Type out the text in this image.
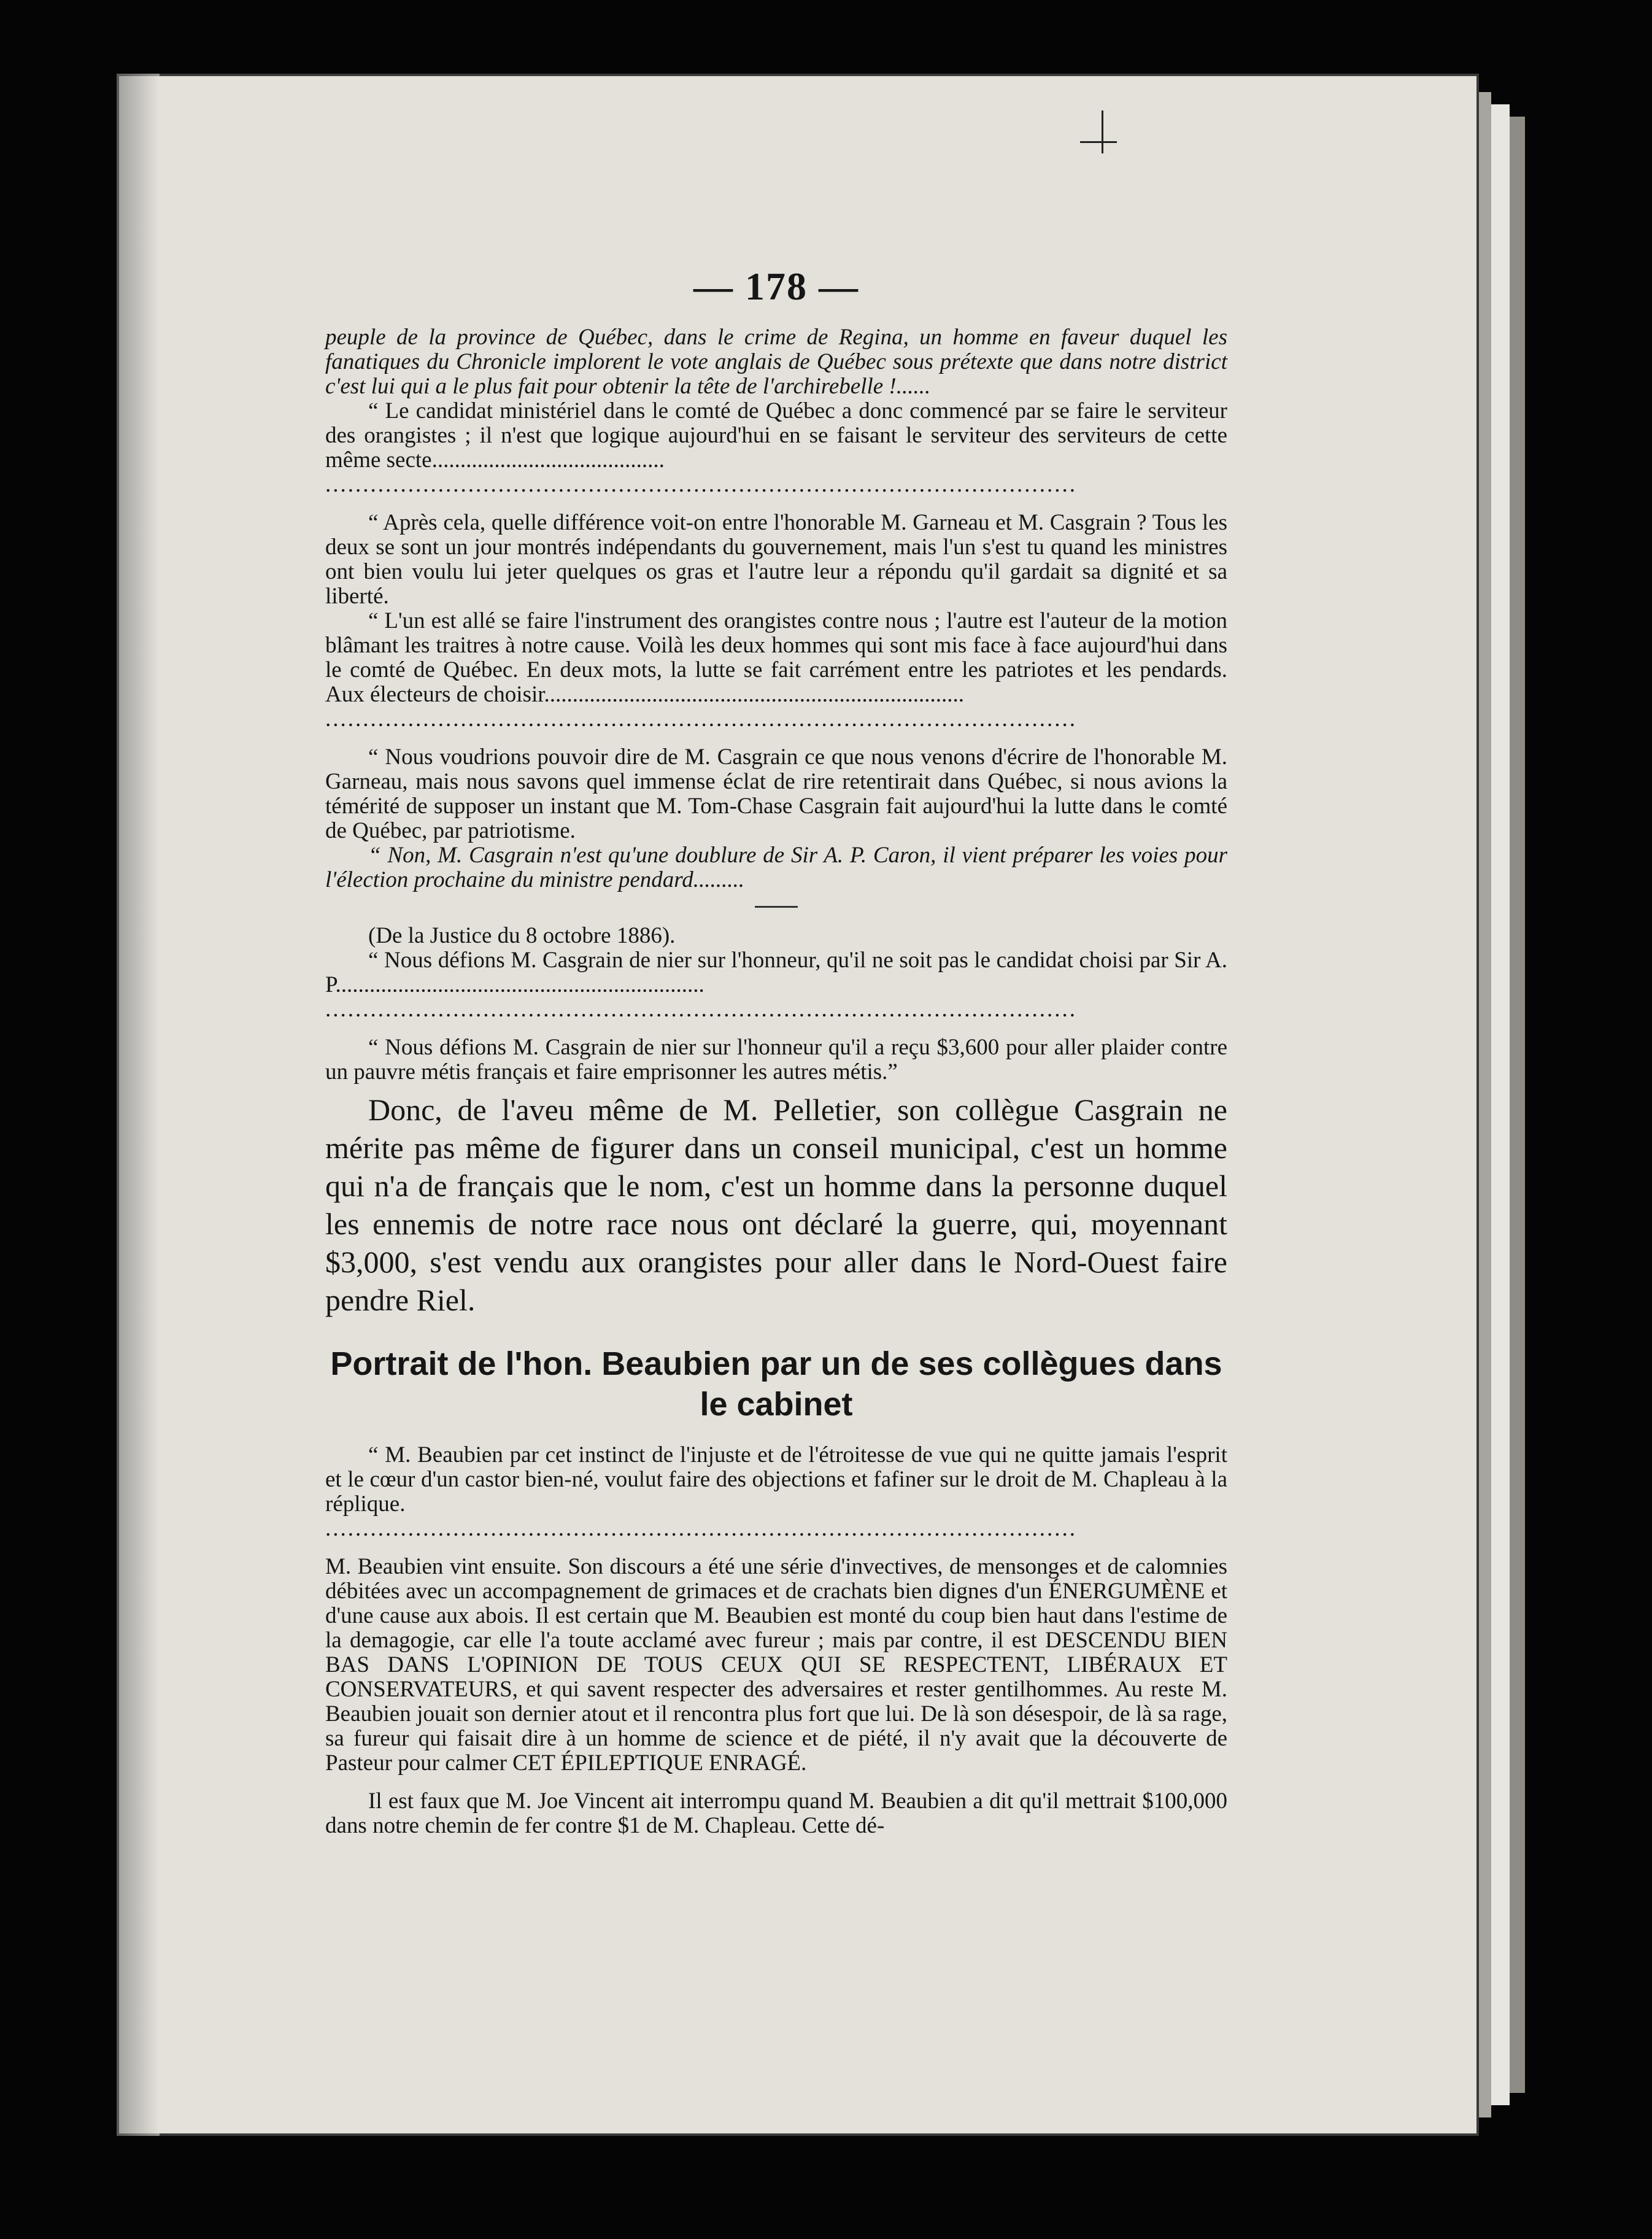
— 178 —

peuple de la province de Québec, dans le crime de Regina, un homme en faveur duquel les fanatiques du Chronicle implorent le vote anglais de Québec sous prétexte que dans notre district c'est lui qui a le plus fait pour obtenir la tête de l'archirebelle !......

“ Le candidat ministériel dans le comté de Québec a donc commencé par se faire le serviteur des orangistes ; il n'est que logique aujourd'hui en se faisant le serviteur des serviteurs de cette même secte.........................................

....................................................................................................

“ Après cela, quelle différence voit-on entre l'honorable M. Garneau et M. Casgrain ? Tous les deux se sont un jour montrés indépendants du gouvernement, mais l'un s'est tu quand les ministres ont bien voulu lui jeter quelques os gras et l'autre leur a répondu qu'il gardait sa dignité et sa liberté.

“ L'un est allé se faire l'instrument des orangistes contre nous ; l'autre est l'auteur de la motion blâmant les traitres à notre cause. Voilà les deux hommes qui sont mis face à face aujourd'hui dans le comté de Québec. En deux mots, la lutte se fait carrément entre les patriotes et les pendards. Aux électeurs de choisir..........................................................................

....................................................................................................

“ Nous voudrions pouvoir dire de M. Casgrain ce que nous venons d'écrire de l'honorable M. Garneau, mais nous savons quel immense éclat de rire retentirait dans Québec, si nous avions la témérité de supposer un instant que M. Tom-Chase Casgrain fait aujourd'hui la lutte dans le comté de Québec, par patriotisme.

“ Non, M. Casgrain n'est qu'une doublure de Sir A. P. Caron, il vient préparer les voies pour l'élection prochaine du ministre pendard.........

(De la Justice du 8 octobre 1886).

“ Nous défions M. Casgrain de nier sur l'honneur, qu'il ne soit pas le candidat choisi par Sir A. P.................................................................

....................................................................................................

“ Nous défions M. Casgrain de nier sur l'honneur qu'il a reçu $3,600 pour aller plaider contre un pauvre métis français et faire emprisonner les autres métis.”

Donc, de l'aveu même de M. Pelletier, son collègue Casgrain ne mérite pas même de figurer dans un conseil municipal, c'est un homme qui n'a de français que le nom, c'est un homme dans la personne duquel les ennemis de notre race nous ont déclaré la guerre, qui, moyennant $3,000, s'est vendu aux orangistes pour aller dans le Nord-Ouest faire pendre Riel.

Portrait de l'hon. Beaubien par un de ses collègues dans le cabinet

“ M. Beaubien par cet instinct de l'injuste et de l'étroitesse de vue qui ne quitte jamais l'esprit et le cœur d'un castor bien-né, voulut faire des objections et fafiner sur le droit de M. Chapleau à la réplique.

....................................................................................................

M. Beaubien vint ensuite. Son discours a été une série d'invectives, de mensonges et de calomnies débitées avec un accompagnement de grimaces et de crachats bien dignes d'un ÉNERGUMÈNE et d'une cause aux abois. Il est certain que M. Beaubien est monté du coup bien haut dans l'estime de la demagogie, car elle l'a toute acclamé avec fureur ; mais par contre, il est DESCENDU BIEN BAS DANS L'OPINION DE TOUS CEUX QUI SE RESPECTENT, LIBÉRAUX ET CONSERVATEURS, et qui savent respecter des adversaires et rester gentilhommes. Au reste M. Beaubien jouait son dernier atout et il rencontra plus fort que lui. De là son désespoir, de là sa rage, sa fureur qui faisait dire à un homme de science et de piété, il n'y avait que la découverte de Pasteur pour calmer CET ÉPILEPTIQUE ENRAGÉ.

Il est faux que M. Joe Vincent ait interrompu quand M. Beaubien a dit qu'il mettrait $100,000 dans notre chemin de fer contre $1 de M. Chapleau. Cette dé-
